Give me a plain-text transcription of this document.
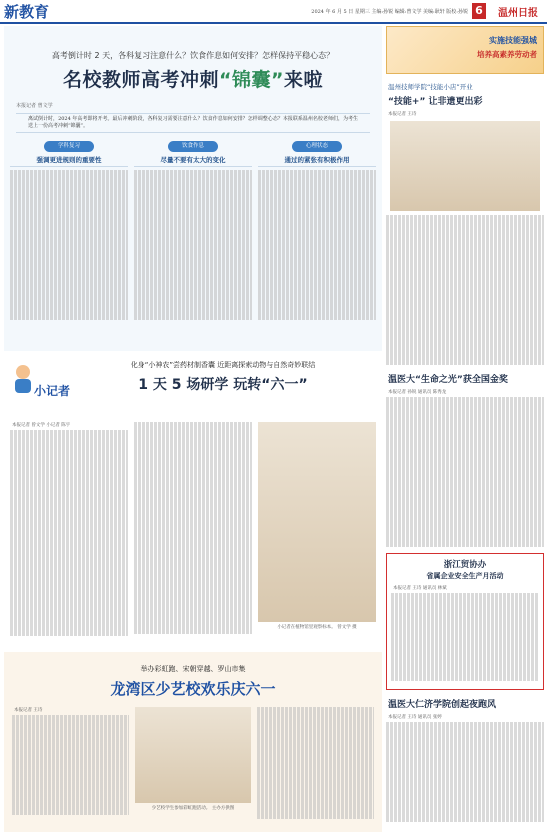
新教育	2024 年 6 月 5 日 星期三 主编:孙锐 编辑:曾文学 美编:耿轩 版校:孙锐 6	温州日报
高考倒计时 2 天，各科复习注意什么？饮食作息如何安排？怎样保持平稳心态？
名校教师高考冲刺“锦囊”来啦
本报记者 曾文学
离试倒计时，2024 年高考即将开考。最后冲刺阶段，各科复习需要注意什么？饮食作息如何安排？怎样调整心态？本报联系温州名校老师们，为考生送上一份高考冲刺“锦囊”。
学科复习
强调更进规则的重要性
饮食作息
尽量不要有太大的变化
心理状态
通过的紧张有积极作用
实施技能强城
培养高素养劳动者
温州技师学院“技能小店”开业
“技能+” 让非遗更出彩
本报记者 王诗
温医大“生命之光”获全国金奖
本报记者 孙锐 通讯员 陈秀龙
浙江贸协办
省属企业安全生产月活动
本报记者 王诗 通讯员 林斌
温医大仁济学院创起夜跑风
本报记者 王诗 通讯员 张婷
小记者
化身“小神农”尝药材制香囊 近距离探索动物与自然奇妙联结
1 天 5 场研学 玩转“六一”
本报记者 曾文学 小记者 陈宇
小记者在植物馆里观察标本。 曾文学 摄
举办彩虹跑、宋朝穿越、罗山市集
龙湾区少艺校欢乐庆六一
本报记者 王诗
少艺校学生参加彩虹跑活动。 主办方供图
